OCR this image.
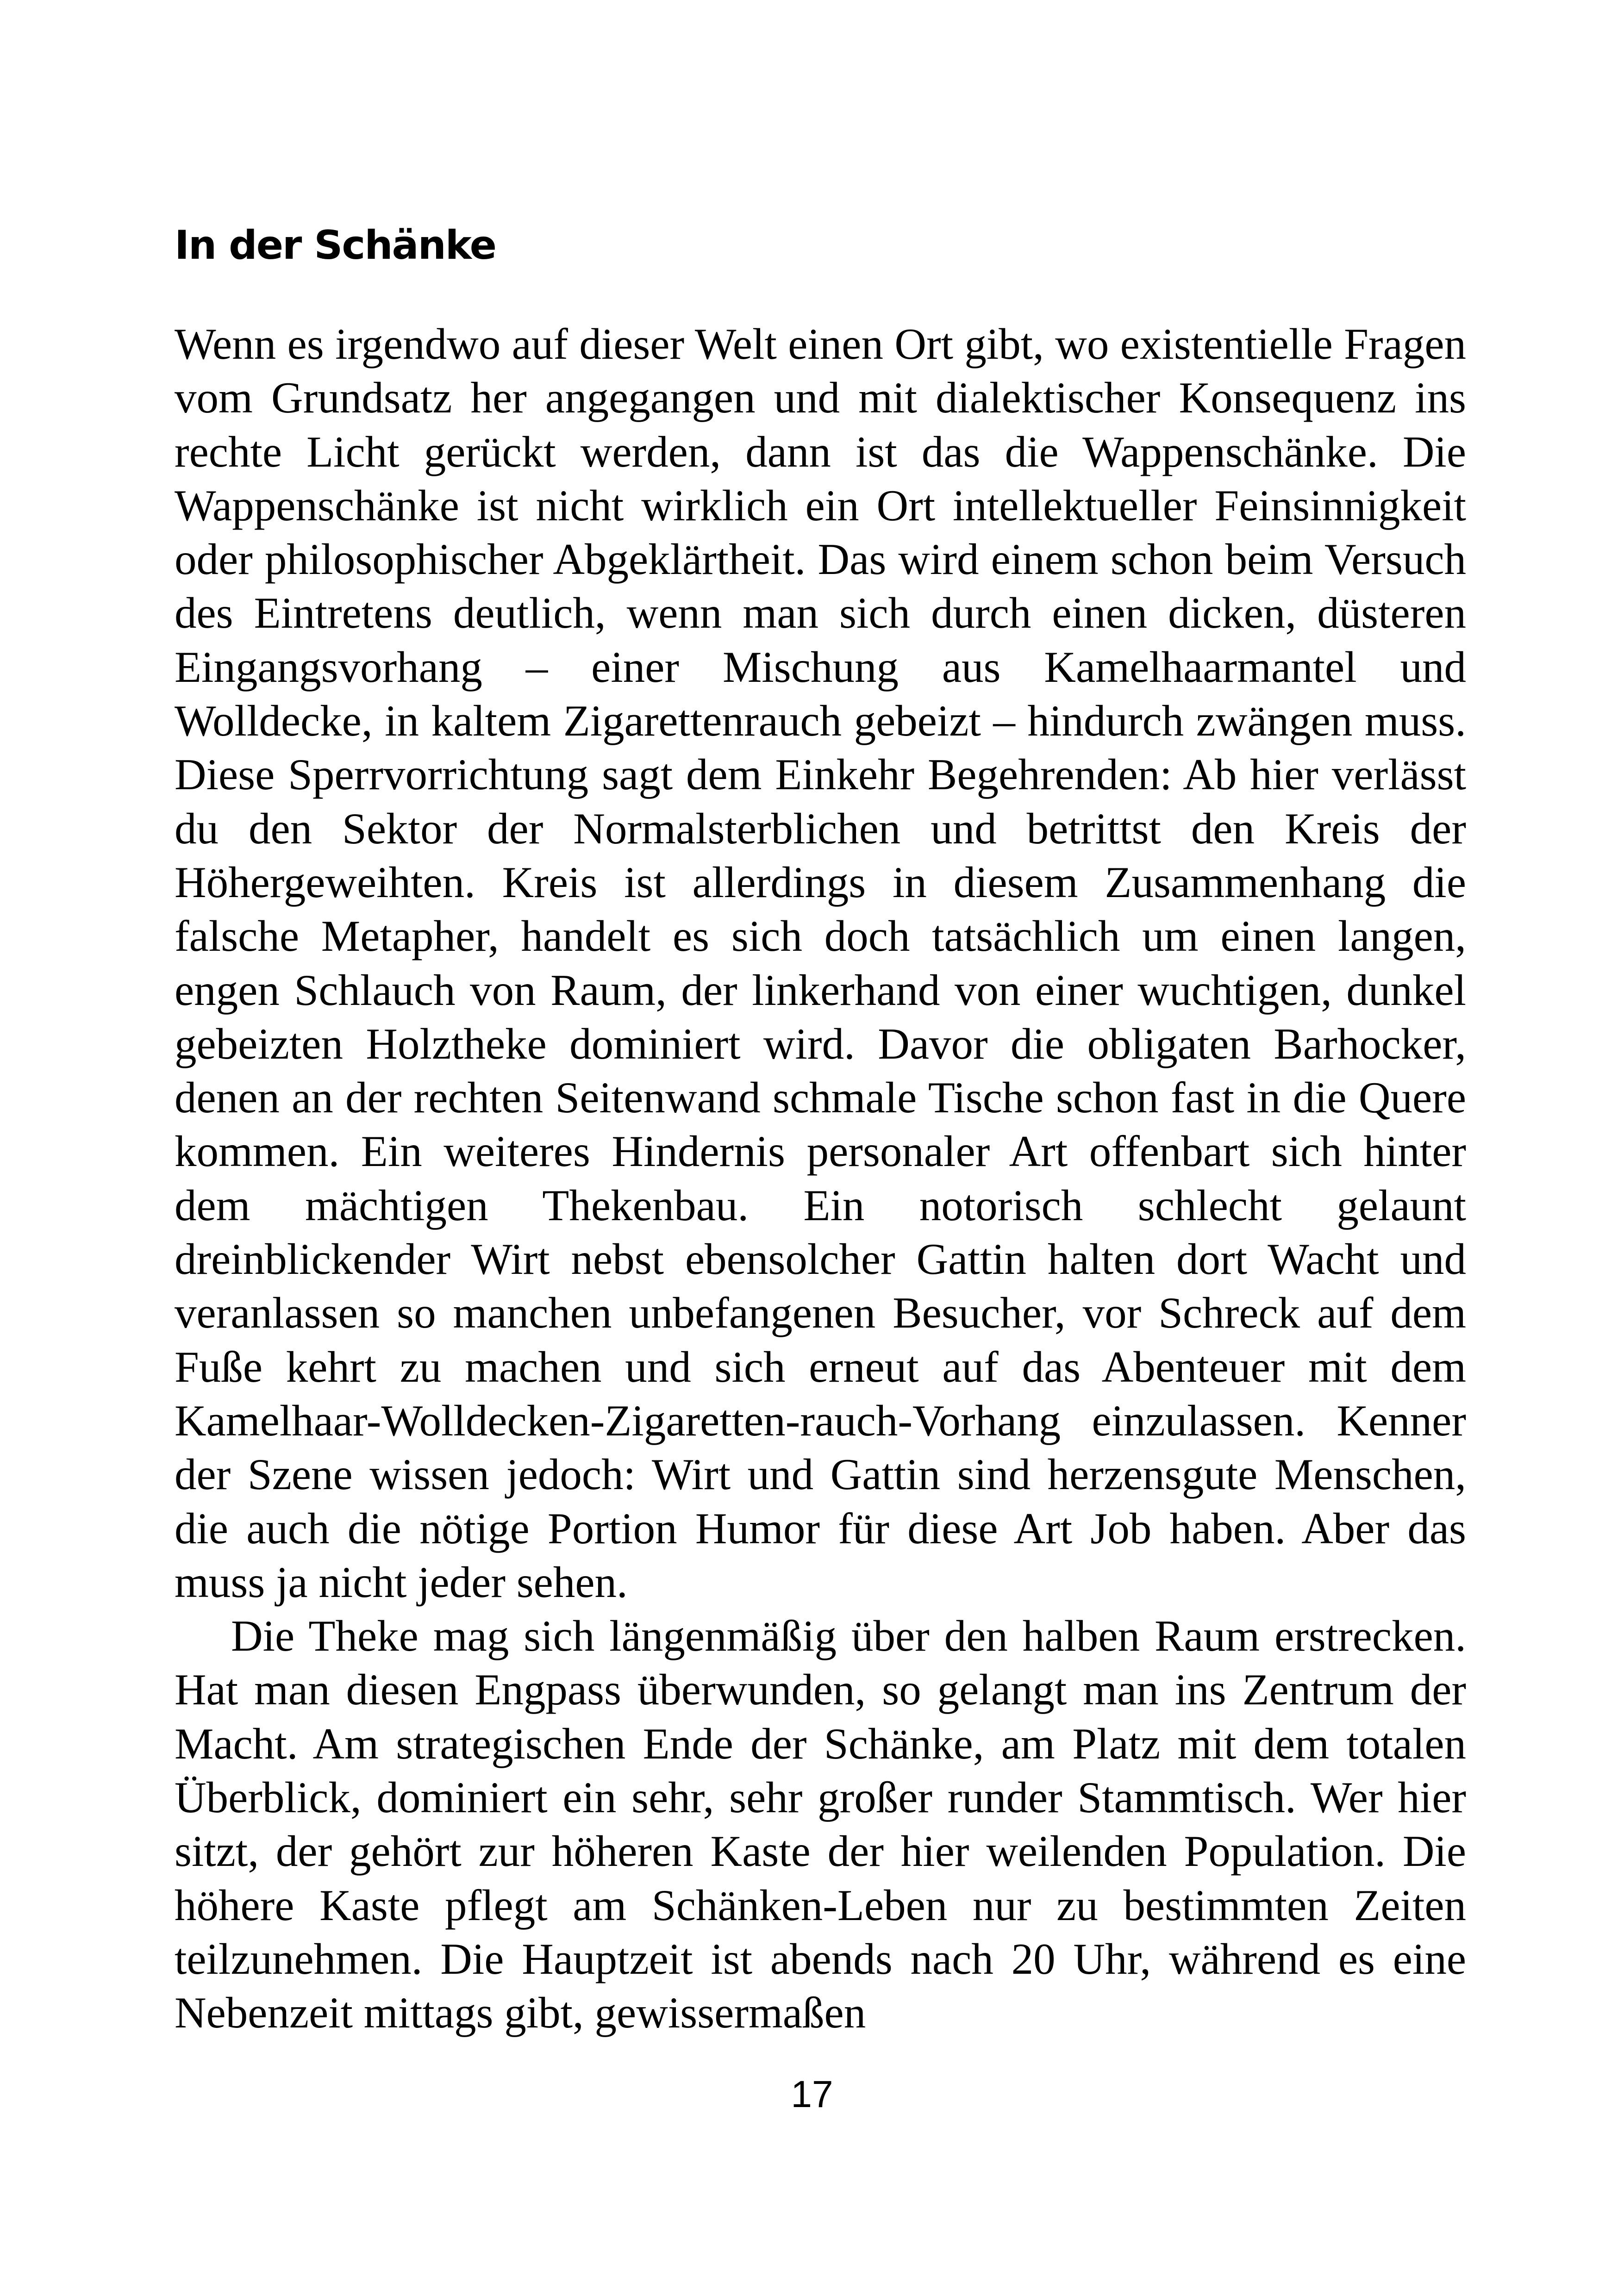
In der Schänke

Wenn es irgendwo auf dieser Welt einen Ort gibt, wo existentielle Fragen vom Grundsatz her angegangen und mit dialektischer Konsequenz ins rechte Licht gerückt werden, dann ist das die Wappenschänke. Die Wappenschänke ist nicht wirklich ein Ort intellektueller Feinsinnigkeit oder philosophischer Abgeklärtheit. Das wird einem schon beim Versuch des Eintretens deutlich, wenn man sich durch einen dicken, düsteren Eingangsvorhang – einer Mischung aus Kamelhaarmantel und Wolldecke, in kaltem Zigarettenrauch gebeizt – hindurch zwängen muss. Diese Sperrvorrichtung sagt dem Einkehr Begehrenden: Ab hier verlässt du den Sektor der Normalsterblichen und betrittst den Kreis der Höhergeweihten. Kreis ist allerdings in diesem Zusammenhang die falsche Metapher, handelt es sich doch tatsächlich um einen langen, engen Schlauch von Raum, der linkerhand von einer wuchtigen, dunkel gebeizten Holztheke dominiert wird. Davor die obligaten Barhocker, denen an der rechten Seitenwand schmale Tische schon fast in die Quere kommen. Ein weiteres Hindernis personaler Art offenbart sich hinter dem mächtigen Thekenbau. Ein notorisch schlecht gelaunt dreinblickender Wirt nebst ebensolcher Gattin halten dort Wacht und veranlassen so manchen unbefangenen Besucher, vor Schreck auf dem Fuße kehrt zu machen und sich erneut auf das Abenteuer mit dem Kamelhaar-Wolldecken-Zigaretten-rauch-Vorhang einzulassen. Kenner der Szene wissen jedoch: Wirt und Gattin sind herzensgute Menschen, die auch die nötige Portion Humor für diese Art Job haben. Aber das muss ja nicht jeder sehen.

Die Theke mag sich längenmäßig über den halben Raum erstrecken. Hat man diesen Engpass überwunden, so gelangt man ins Zentrum der Macht. Am strategischen Ende der Schänke, am Platz mit dem totalen Überblick, dominiert ein sehr, sehr großer runder Stammtisch. Wer hier sitzt, der gehört zur höheren Kaste der hier weilenden Population. Die höhere Kaste pflegt am Schänken-Leben nur zu bestimmten Zeiten teilzunehmen. Die Hauptzeit ist abends nach 20 Uhr, während es eine Nebenzeit mittags gibt, gewissermaßen

17
